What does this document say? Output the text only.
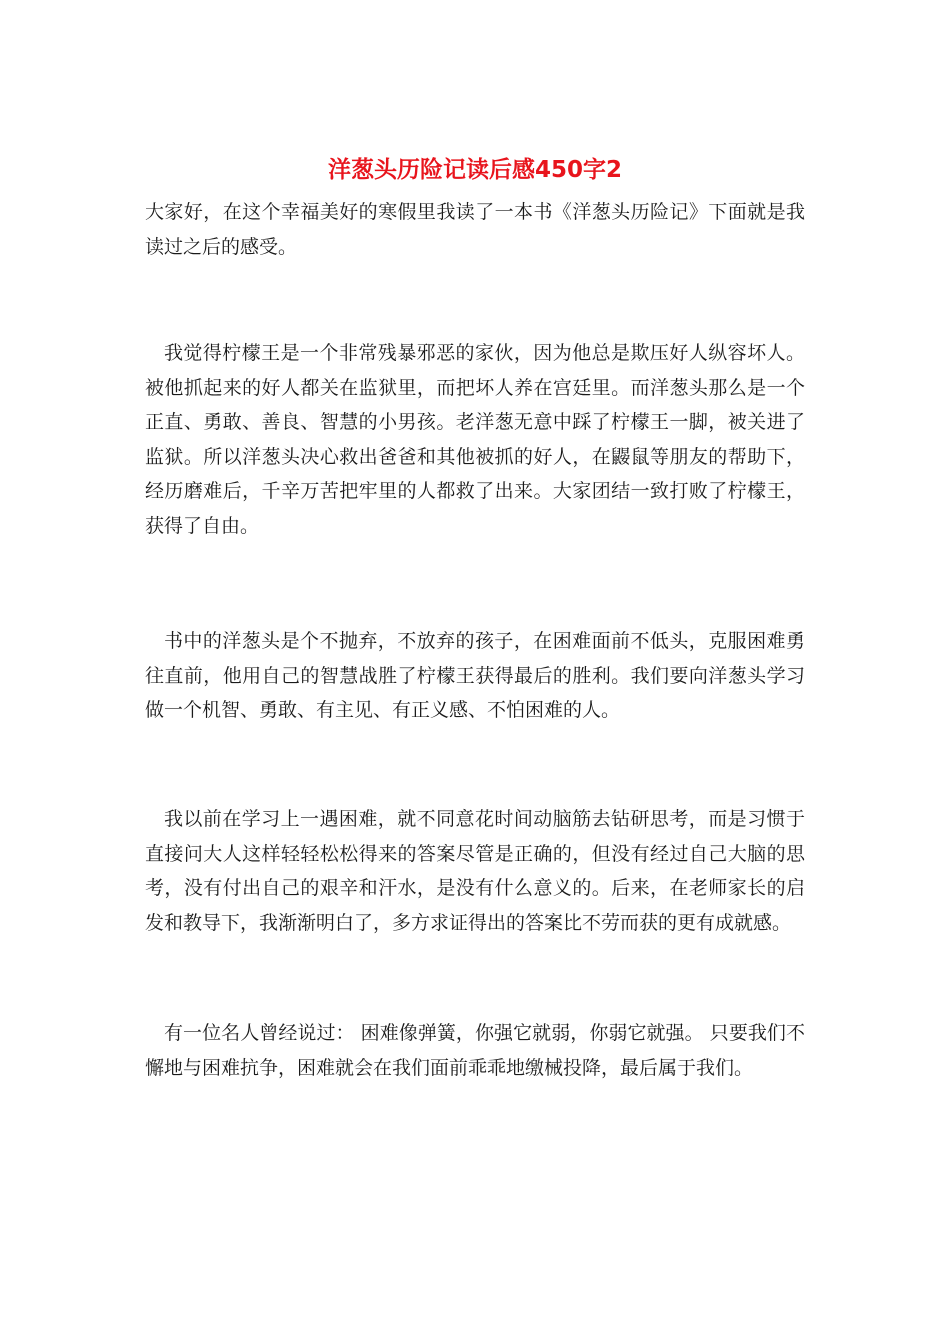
洋葱头历险记读后感450字2

大家好，在这个幸福美好的寒假里我读了一本书《洋葱头历险记》下面就是我读过之后的感受。

我觉得柠檬王是一个非常残暴邪恶的家伙，因为他总是欺压好人纵容坏人。被他抓起来的好人都关在监狱里，而把坏人养在宫廷里。而洋葱头那么是一个正直、勇敢、善良、智慧的小男孩。老洋葱无意中踩了柠檬王一脚，被关进了监狱。所以洋葱头决心救出爸爸和其他被抓的好人，在鼹鼠等朋友的帮助下，经历磨难后，千辛万苦把牢里的人都救了出来。大家团结一致打败了柠檬王，获得了自由。

书中的洋葱头是个不抛弃，不放弃的孩子，在困难面前不低头，克服困难勇往直前，他用自己的智慧战胜了柠檬王获得最后的胜利。我们要向洋葱头学习做一个机智、勇敢、有主见、有正义感、不怕困难的人。

我以前在学习上一遇困难，就不同意花时间动脑筋去钻研思考，而是习惯于直接问大人这样轻轻松松得来的答案尽管是正确的，但没有经过自己大脑的思考，没有付出自己的艰辛和汗水，是没有什么意义的。后来，在老师家长的启发和教导下，我渐渐明白了，多方求证得出的答案比不劳而获的更有成就感。

有一位名人曾经说过： 困难像弹簧，你强它就弱，你弱它就强。 只要我们不懈地与困难抗争，困难就会在我们面前乖乖地缴械投降，最后属于我们。
